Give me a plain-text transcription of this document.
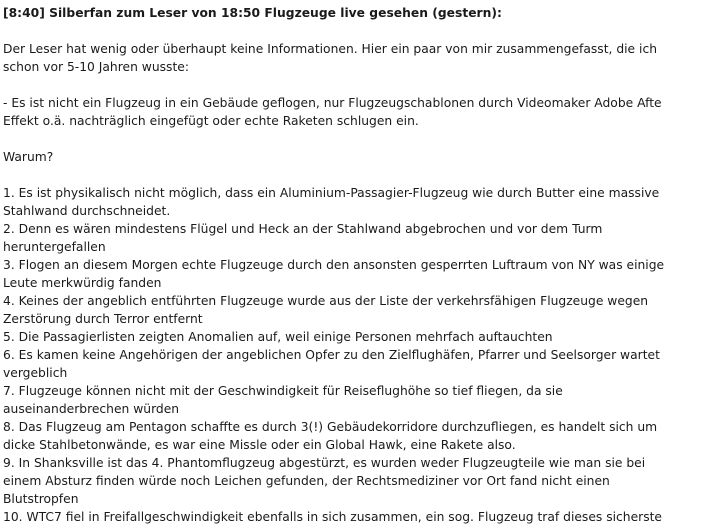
[8:40] Silberfan zum Leser von 18:50 Flugzeuge live gesehen (gestern):

Der Leser hat wenig oder überhaupt keine Informationen. Hier ein paar von mir zusammengefasst, die ich

schon vor 5-10 Jahren wusste:

- Es ist nicht ein Flugzeug in ein Gebäude geflogen, nur Flugzeugschablonen durch Videomaker Adobe Afte

Effekt o.ä. nachträglich eingefügt oder echte Raketen schlugen ein.

Warum?

1. Es ist physikalisch nicht möglich, dass ein Aluminium-Passagier-Flugzeug wie durch Butter eine massive

Stahlwand durchschneidet.

2. Denn es wären mindestens Flügel und Heck an der Stahlwand abgebrochen und vor dem Turm

heruntergefallen

3. Flogen an diesem Morgen echte Flugzeuge durch den ansonsten gesperrten Luftraum von NY was einige

Leute merkwürdig fanden

4. Keines der angeblich entführten Flugzeuge wurde aus der Liste der verkehrsfähigen Flugzeuge wegen

Zerstörung durch Terror entfernt

5. Die Passagierlisten zeigten Anomalien auf, weil einige Personen mehrfach auftauchten

6. Es kamen keine Angehörigen der angeblichen Opfer zu den Zielflughäfen, Pfarrer und Seelsorger wartet

vergeblich

7. Flugzeuge können nicht mit der Geschwindigkeit für Reiseflughöhe so tief fliegen, da sie

auseinanderbrechen würden

8. Das Flugzeug am Pentagon schaffte es durch 3(!) Gebäudekorridore durchzufliegen, es handelt sich um

dicke Stahlbetonwände, es war eine Missle oder ein Global Hawk, eine Rakete also.

9. In Shanksville ist das 4. Phantomflugzeug abgestürzt, es wurden weder Flugzeugteile wie man sie bei

einem Absturz finden würde noch Leichen gefunden, der Rechtsmediziner vor Ort fand nicht einen

Blutstropfen

10. WTC7 fiel in Freifallgeschwindigkeit ebenfalls in sich zusammen, ein sog. Flugzeug traf dieses sicherste
